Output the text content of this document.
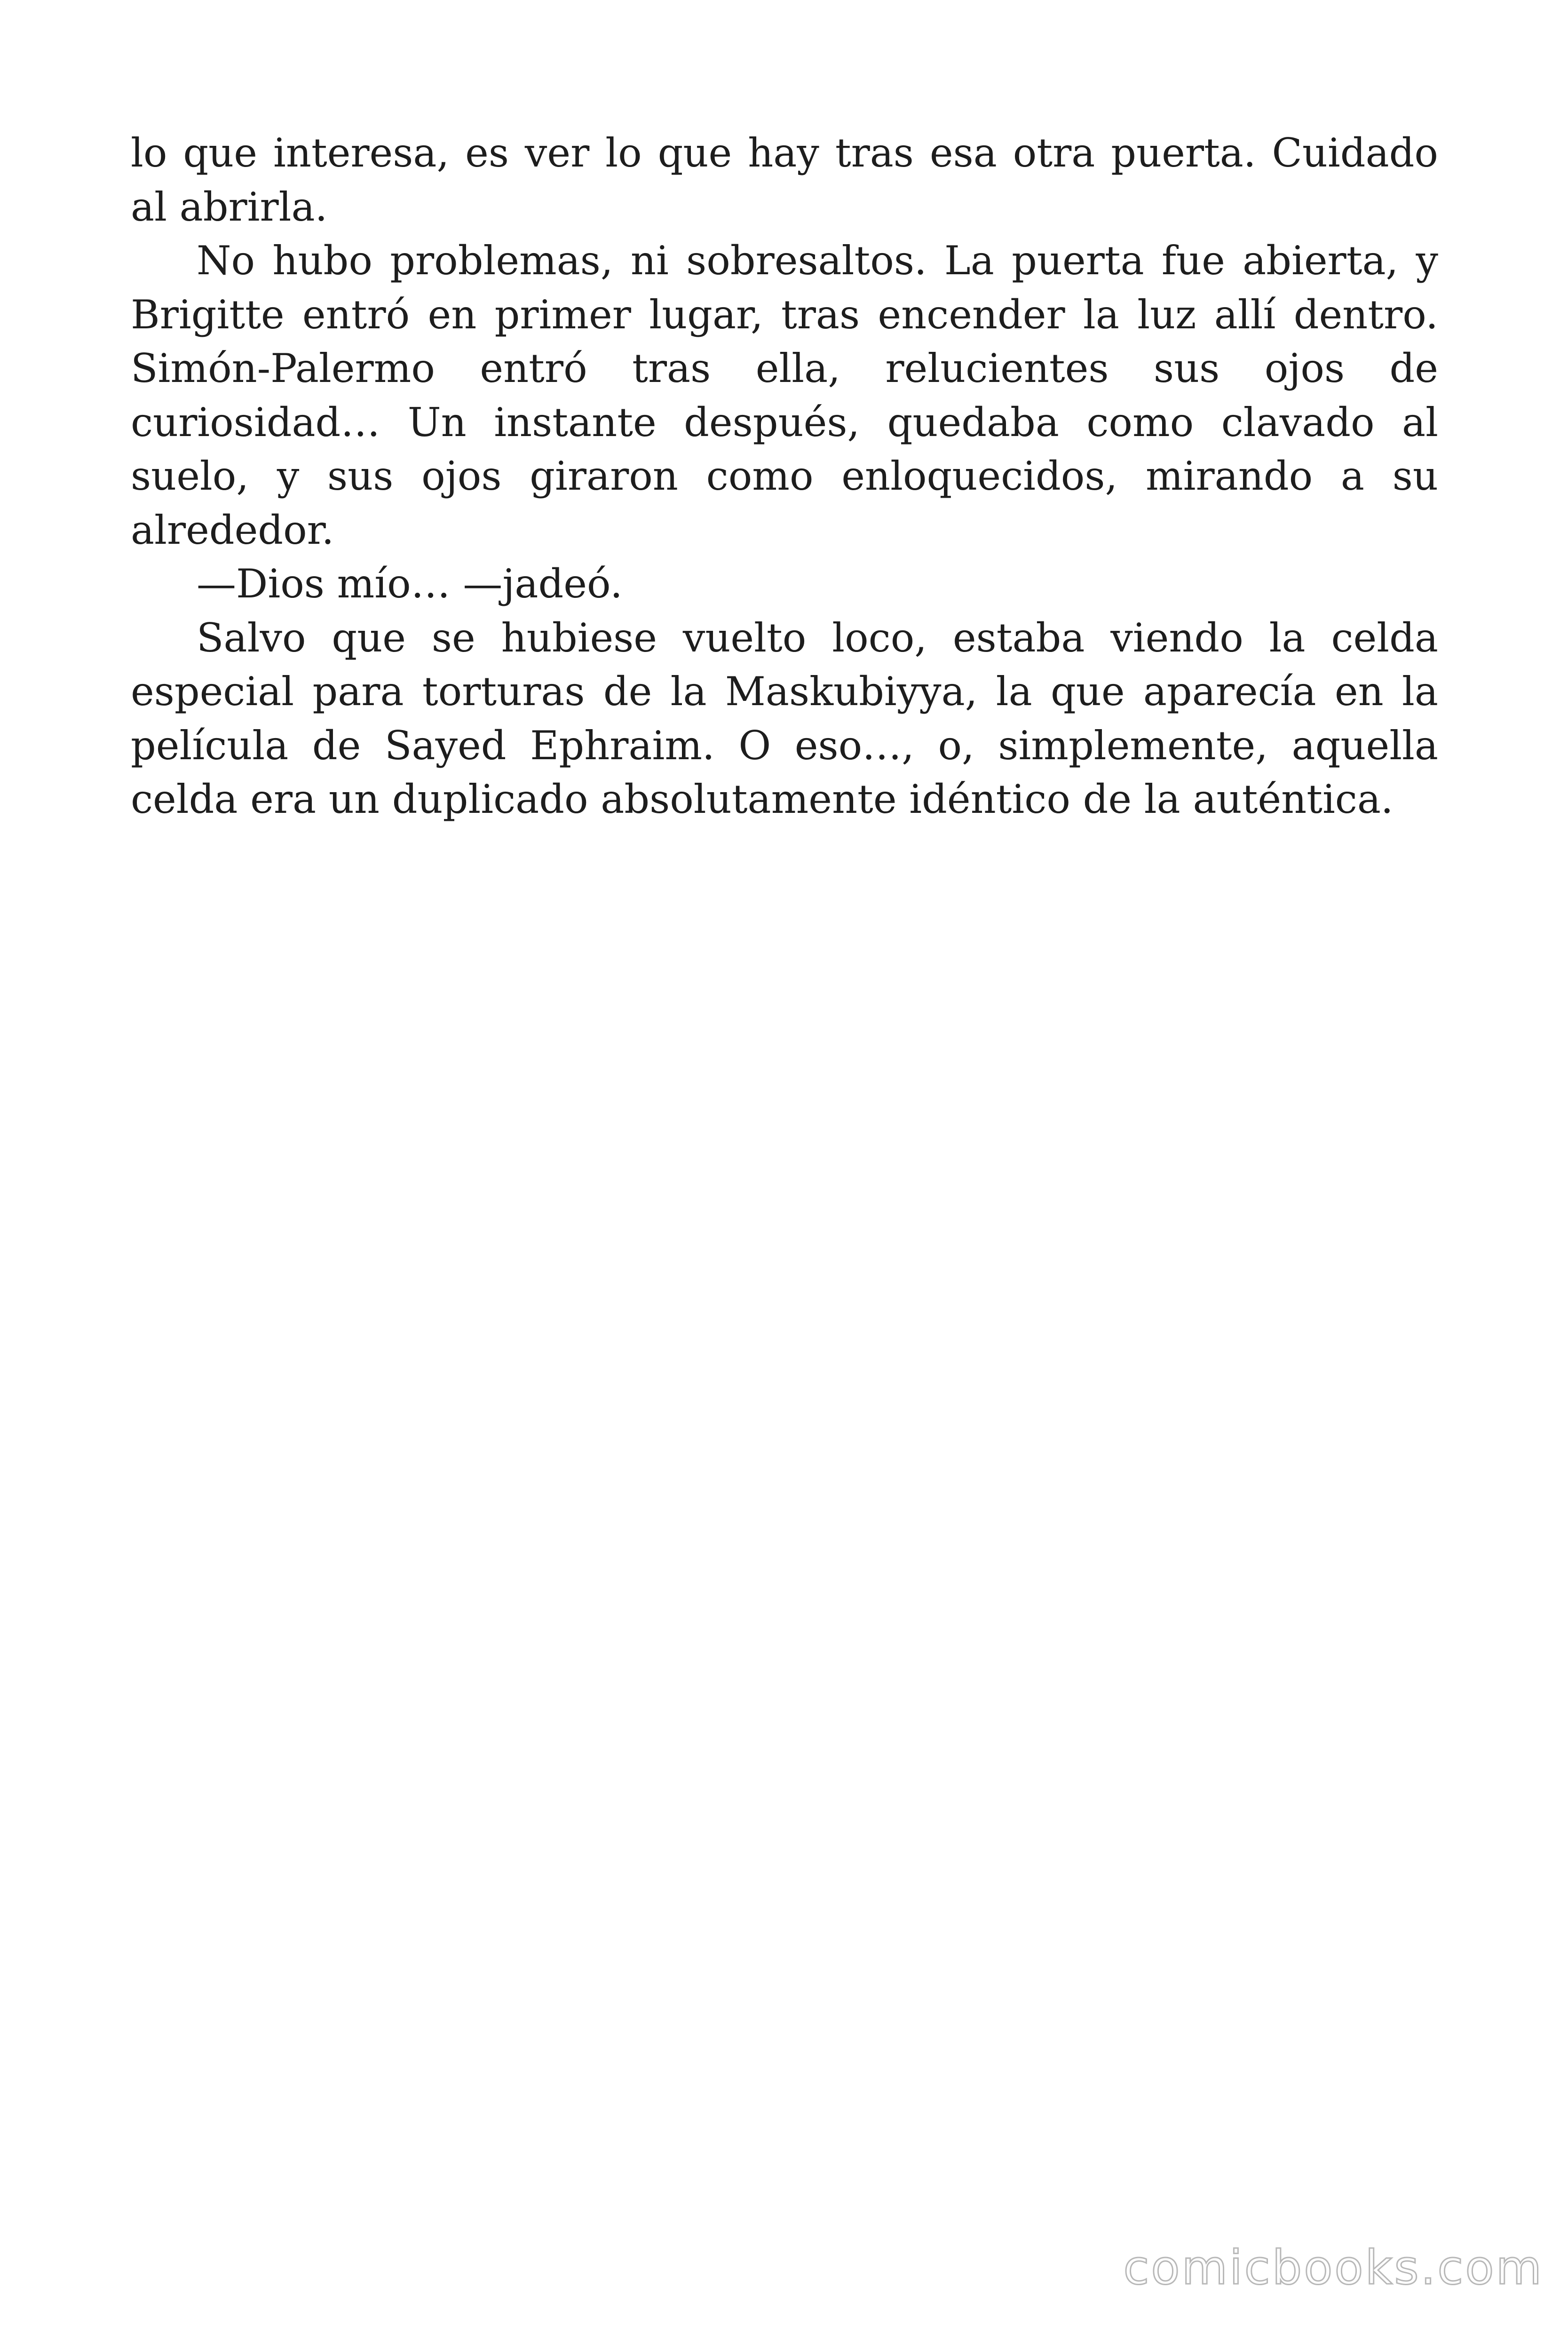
lo que interesa, es ver lo que hay tras esa otra puerta. Cuidado al abrirla.

No hubo problemas, ni sobresaltos. La puerta fue abierta, y Brigitte entró en primer lugar, tras encender la luz allí dentro. Simón-Palermo entró tras ella, relucientes sus ojos de curiosidad… Un instante después, quedaba como clavado al suelo, y sus ojos giraron como enloquecidos, mirando a su alrededor.

—Dios mío… —jadeó.

Salvo que se hubiese vuelto loco, estaba viendo la celda especial para torturas de la Maskubiyya, la que aparecía en la película de Sayed Ephraim. O eso…, o, simplemente, aquella celda era un duplicado absolutamente idéntico de la auténtica.

comicbooks.com
